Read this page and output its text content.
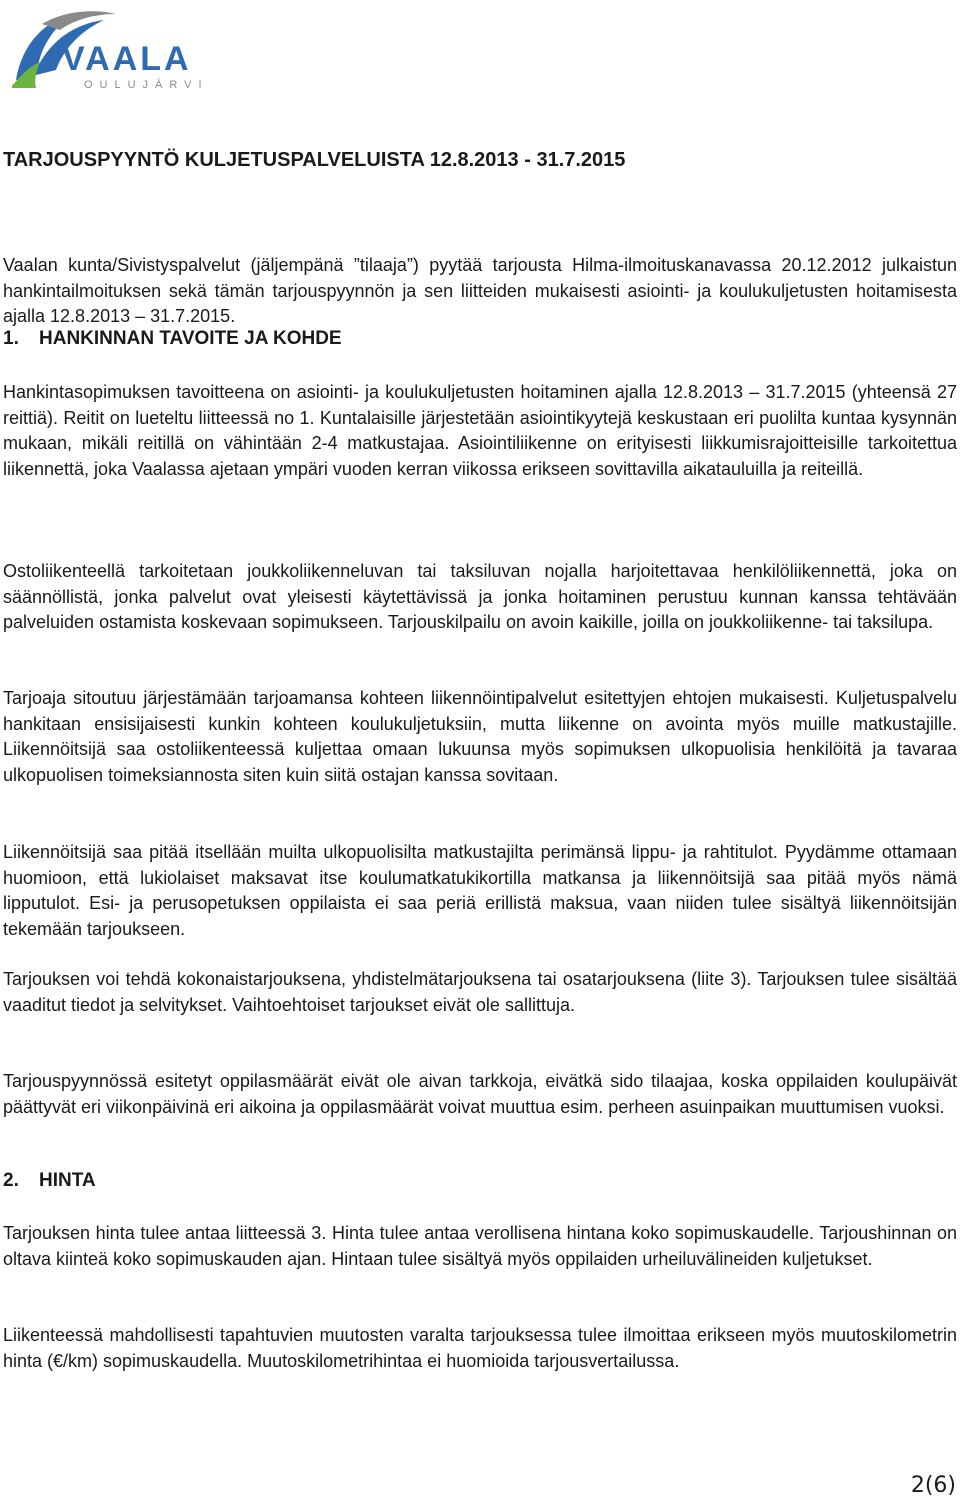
VAALA
OULUJÄRVI
TARJOUSPYYNTÖ KULJETUSPALVELUISTA 12.8.2013 - 31.7.2015

Vaalan kunta/Sivistyspalvelut (jäljempänä ”tilaaja”) pyytää tarjousta Hilma-ilmoituskanavassa 20.12.2012 julkaistun hankintailmoituksen sekä tämän tarjouspyynnön ja sen liitteiden mukaisesti asiointi- ja koulukuljetusten hoitamisesta ajalla 12.8.2013 – 31.7.2015.

1. HANKINNAN TAVOITE JA KOHDE

Hankintasopimuksen tavoitteena on asiointi- ja koulukuljetusten hoitaminen ajalla 12.8.2013 – 31.7.2015 (yhteensä 27 reittiä). Reitit on lueteltu liitteessä no 1. Kuntalaisille järjestetään asiointikyytejä keskustaan eri puolilta kuntaa kysynnän mukaan, mikäli reitillä on vähintään 2-4 matkustajaa. Asiointiliikenne on erityisesti liikkumisrajoitteisille tarkoitettua liikennettä, joka Vaalassa ajetaan ympäri vuoden kerran viikossa erikseen sovittavilla aikatauluilla ja reiteillä.

Ostoliikenteellä tarkoitetaan joukkoliikenneluvan tai taksiluvan nojalla harjoitettavaa henkilöliikennettä, joka on säännöllistä, jonka palvelut ovat yleisesti käytettävissä ja jonka hoitaminen perustuu kunnan kanssa tehtävään palveluiden ostamista koskevaan sopimukseen. Tarjouskilpailu on avoin kaikille, joilla on joukkoliikenne- tai taksilupa.

Tarjoaja sitoutuu järjestämään tarjoamansa kohteen liikennöintipalvelut esitettyjen ehtojen mukaisesti. Kuljetuspalvelu hankitaan ensisijaisesti kunkin kohteen koulukuljetuksiin, mutta liikenne on avointa myös muille matkustajille. Liikennöitsijä saa ostoliikenteessä kuljettaa omaan lukuunsa myös sopimuksen ulkopuolisia henkilöitä ja tavaraa ulkopuolisen toimeksiannosta siten kuin siitä ostajan kanssa sovitaan.

Liikennöitsijä saa pitää itsellään muilta ulkopuolisilta matkustajilta perimänsä lippu- ja rahtitulot. Pyydämme ottamaan huomioon, että lukiolaiset maksavat itse koulumatkatukikortilla matkansa ja liikennöitsijä saa pitää myös nämä lipputulot. Esi- ja perusopetuksen oppilaista ei saa periä erillistä maksua, vaan niiden tulee sisältyä liikennöitsijän tekemään tarjoukseen.

Tarjouksen voi tehdä kokonaistarjouksena, yhdistelmätarjouksena tai osatarjouksena (liite 3). Tarjouksen tulee sisältää vaaditut tiedot ja selvitykset. Vaihtoehtoiset tarjoukset eivät ole sallittuja.

Tarjouspyynnössä esitetyt oppilasmäärät eivät ole aivan tarkkoja, eivätkä sido tilaajaa, koska oppilaiden koulupäivät päättyvät eri viikonpäivinä eri aikoina ja oppilasmäärät voivat muuttua esim. perheen asuinpaikan muuttumisen vuoksi.

2. HINTA

Tarjouksen hinta tulee antaa liitteessä 3. Hinta tulee antaa verollisena hintana koko sopimuskaudelle. Tarjoushinnan on oltava kiinteä koko sopimuskauden ajan. Hintaan tulee sisältyä myös oppilaiden urheiluvälineiden kuljetukset.

Liikenteessä mahdollisesti tapahtuvien muutosten varalta tarjouksessa tulee ilmoittaa erikseen myös muutoskilometrin hinta (€/km) sopimuskaudella. Muutoskilometrihintaa ei huomioida tarjousvertailussa.

2(6)
